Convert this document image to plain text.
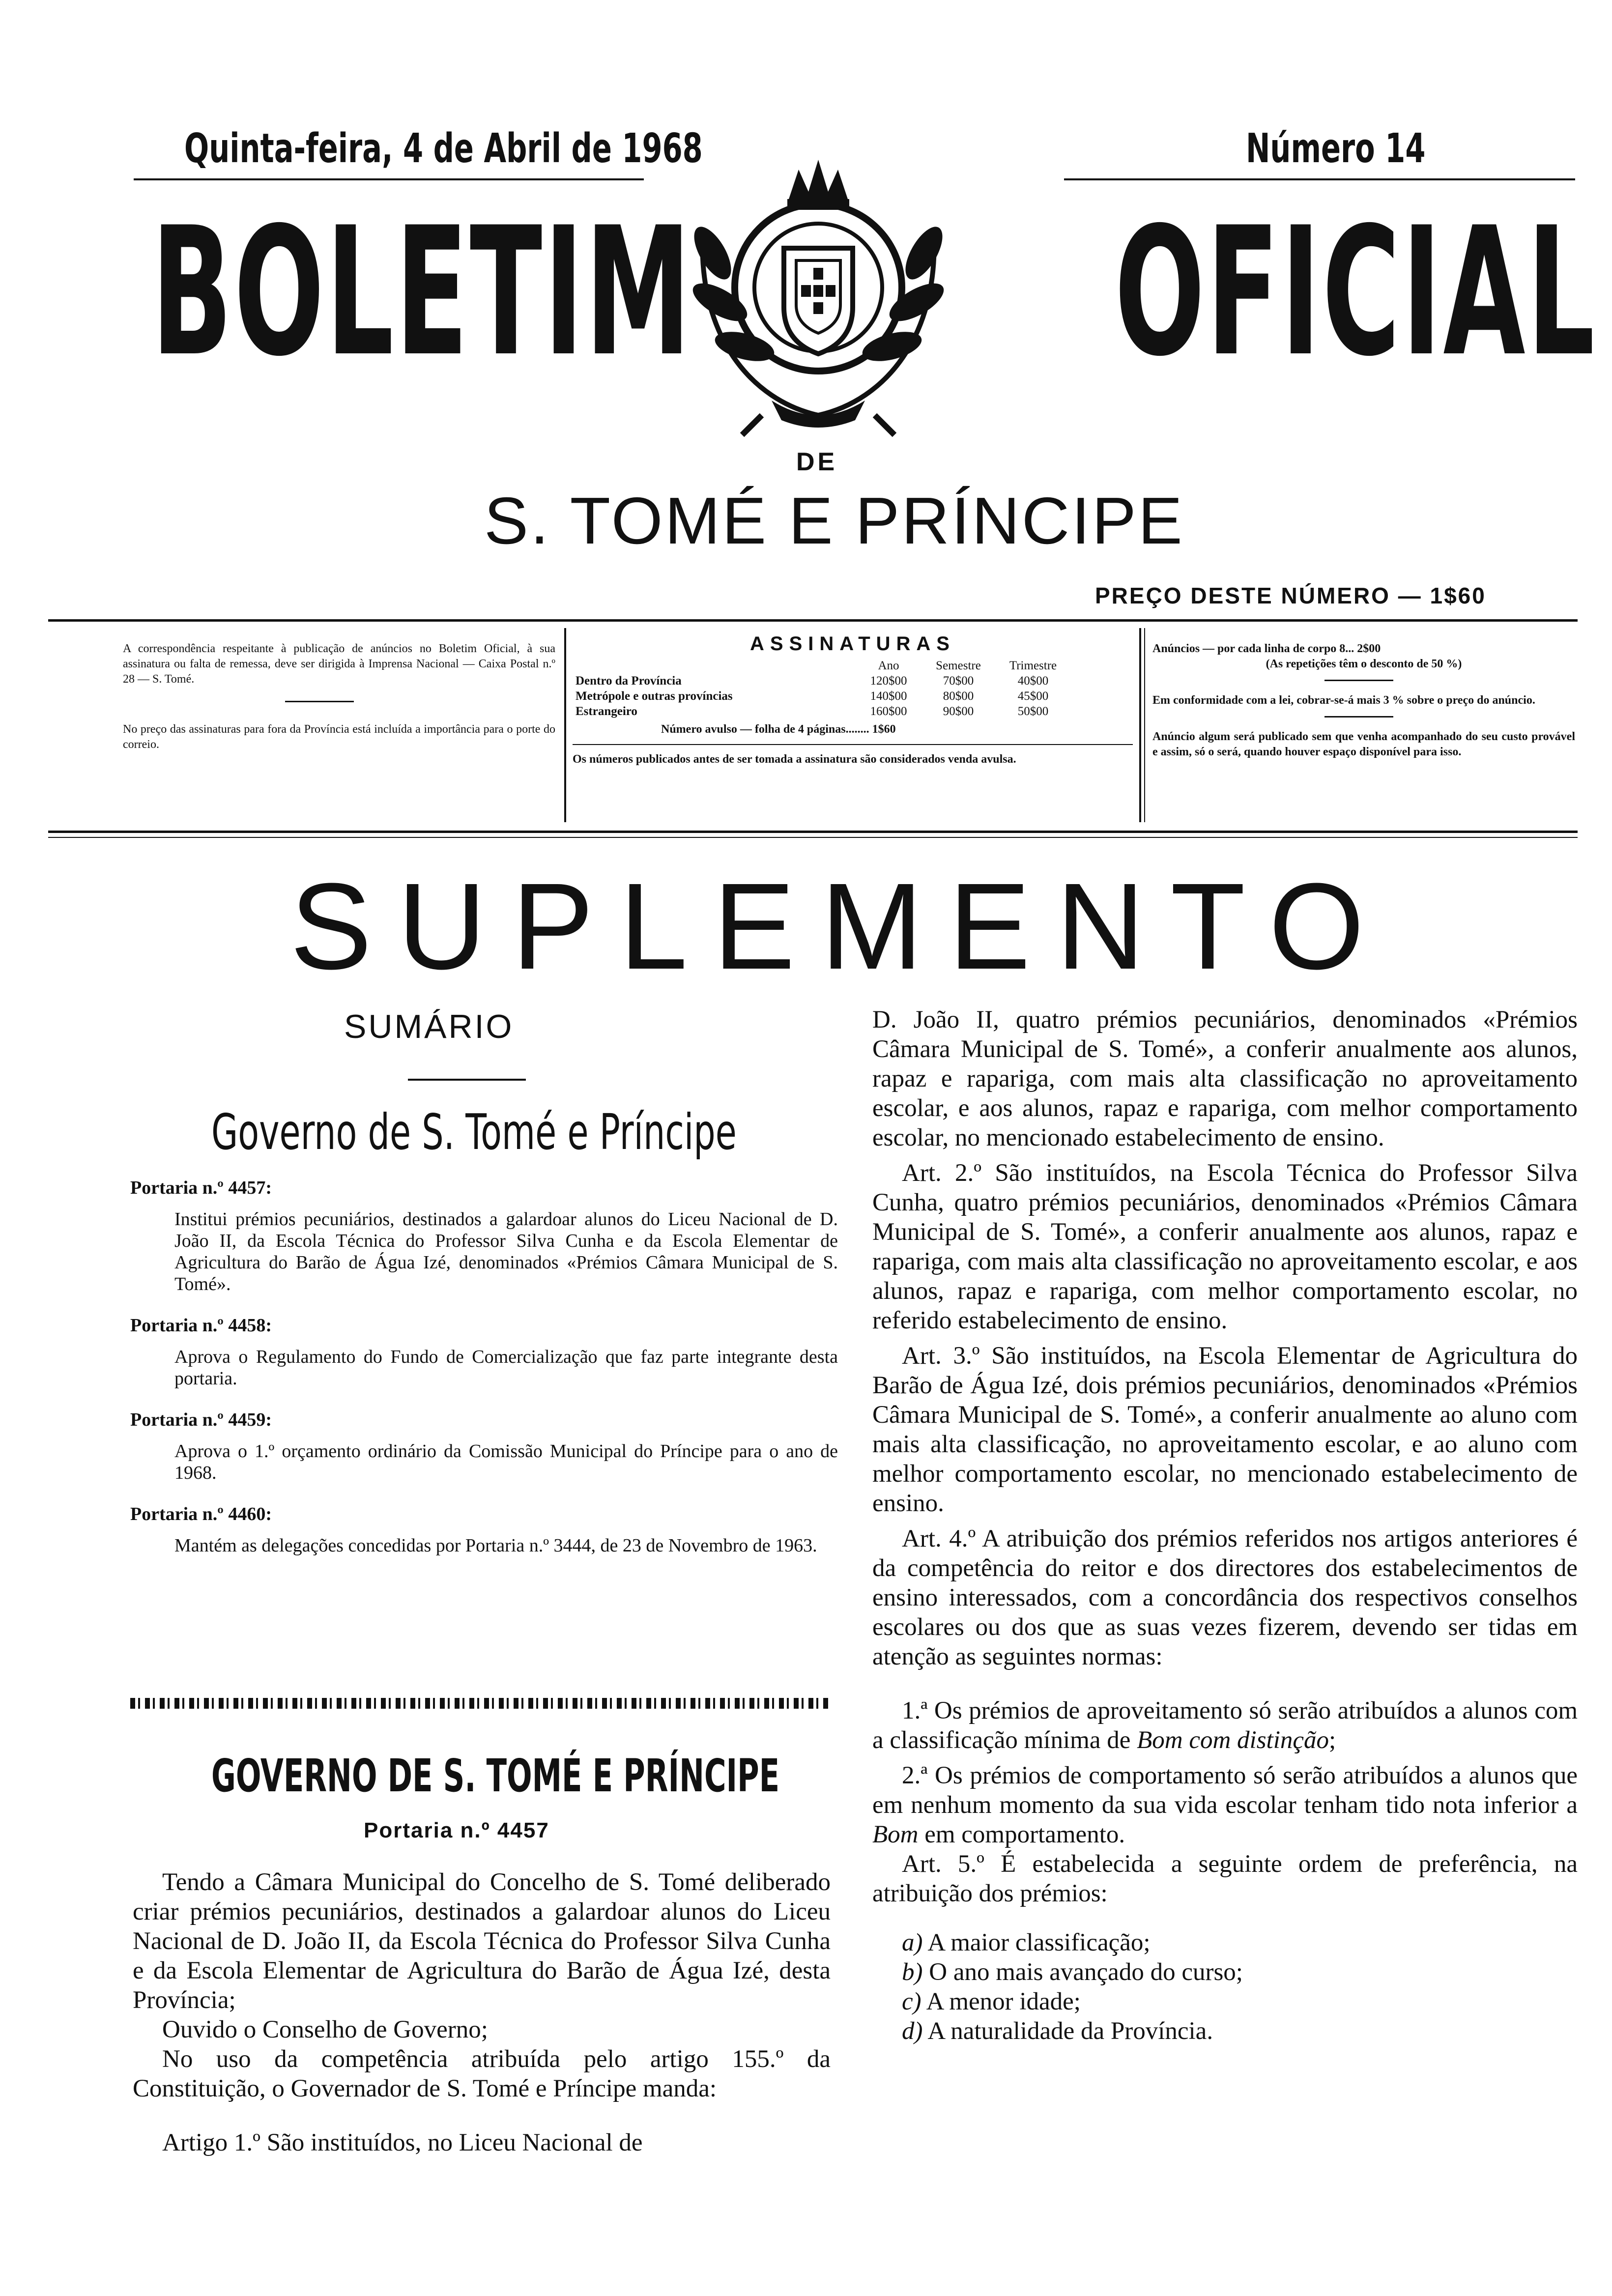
Quinta-feira, 4 de Abril de 1968	Número 14
BOLETIM OFICIAL
DE
S. TOMÉ E PRÍNCIPE
PREÇO DESTE NÚMERO — 1$60
A correspondência respeitante à publicação de anúncios no Boletim Oficial, à sua assinatura ou falta de remessa, deve ser dirigida à Imprensa Nacional — Caixa Postal n.º 28 — S. Tomé.
No preço das assinaturas para fora da Província está incluída a importância para o porte do correio.
ASSINATURAS
	Ano	Semestre	Trimestre
Dentro da Província	120$00	70$00	40$00
Metrópole e outras províncias	140$00	80$00	45$00
Estrangeiro	160$00	90$00	50$00
Número avulso — folha de 4 páginas........ 1$60
Os números publicados antes de ser tomada a assinatura são considerados venda avulsa.
Anúncios — por cada linha de corpo 8... 2$00
(As repetições têm o desconto de 50 %)
Em conformidade com a lei, cobrar-se-á mais 3 % sobre o preço do anúncio.
Anúncio algum será publicado sem que venha acompanhado do seu custo provável e assim, só o será, quando houver espaço disponível para isso.
SUPLEMENTO
SUMÁRIO
Governo de S. Tomé e Príncipe
Portaria n.º 4457:
Institui prémios pecuniários, destinados a galardoar alunos do Liceu Nacional de D. João II, da Escola Técnica do Professor Silva Cunha e da Escola Elementar de Agricultura do Barão de Água Izé, denominados «Prémios Câmara Municipal de S. Tomé».
Portaria n.º 4458:
Aprova o Regulamento do Fundo de Comercialização que faz parte integrante desta portaria.
Portaria n.º 4459:
Aprova o 1.º orçamento ordinário da Comissão Municipal do Príncipe para o ano de 1968.
Portaria n.º 4460:
Mantém as delegações concedidas por Portaria n.º 3444, de 23 de Novembro de 1963.
GOVERNO DE S. TOMÉ E PRÍNCIPE
Portaria n.º 4457

Tendo a Câmara Municipal do Concelho de S. Tomé deliberado criar prémios pecuniários, destinados a galardoar alunos do Liceu Nacional de D. João II, da Escola Técnica do Professor Silva Cunha e da Escola Elementar de Agricultura do Barão de Água Izé, desta Província;

Ouvido o Conselho de Governo;

No uso da competência atribuída pelo artigo 155.º da Constituição, o Governador de S. Tomé e Príncipe manda:

Artigo 1.º São instituídos, no Liceu Nacional de

D. João II, quatro prémios pecuniários, denominados «Prémios Câmara Municipal de S. Tomé», a conferir anualmente aos alunos, rapaz e rapariga, com mais alta classificação no aproveitamento escolar, e aos alunos, rapaz e rapariga, com melhor comportamento escolar, no mencionado estabelecimento de ensino.

Art. 2.º São instituídos, na Escola Técnica do Professor Silva Cunha, quatro prémios pecuniários, denominados «Prémios Câmara Municipal de S. Tomé», a conferir anualmente aos alunos, rapaz e rapariga, com mais alta classificação no aproveitamento escolar, e aos alunos, rapaz e rapariga, com melhor comportamento escolar, no referido estabelecimento de ensino.

Art. 3.º São instituídos, na Escola Elementar de Agricultura do Barão de Água Izé, dois prémios pecuniários, denominados «Prémios Câmara Municipal de S. Tomé», a conferir anualmente ao aluno com mais alta classificação, no aproveitamento escolar, e ao aluno com melhor comportamento escolar, no mencionado estabelecimento de ensino.

Art. 4.º A atribuição dos prémios referidos nos artigos anteriores é da competência do reitor e dos directores dos estabelecimentos de ensino interessados, com a concordância dos respectivos conselhos escolares ou dos que as suas vezes fizerem, devendo ser tidas em atenção as seguintes normas:

1.ª Os prémios de aproveitamento só serão atribuídos a alunos com a classificação mínima de Bom com distinção;

2.ª Os prémios de comportamento só serão atribuídos a alunos que em nenhum momento da sua vida escolar tenham tido nota inferior a Bom em comportamento.

Art. 5.º É estabelecida a seguinte ordem de preferência, na atribuição dos prémios:

a) A maior classificação;
b) O ano mais avançado do curso;
c) A menor idade;
d) A naturalidade da Província.
